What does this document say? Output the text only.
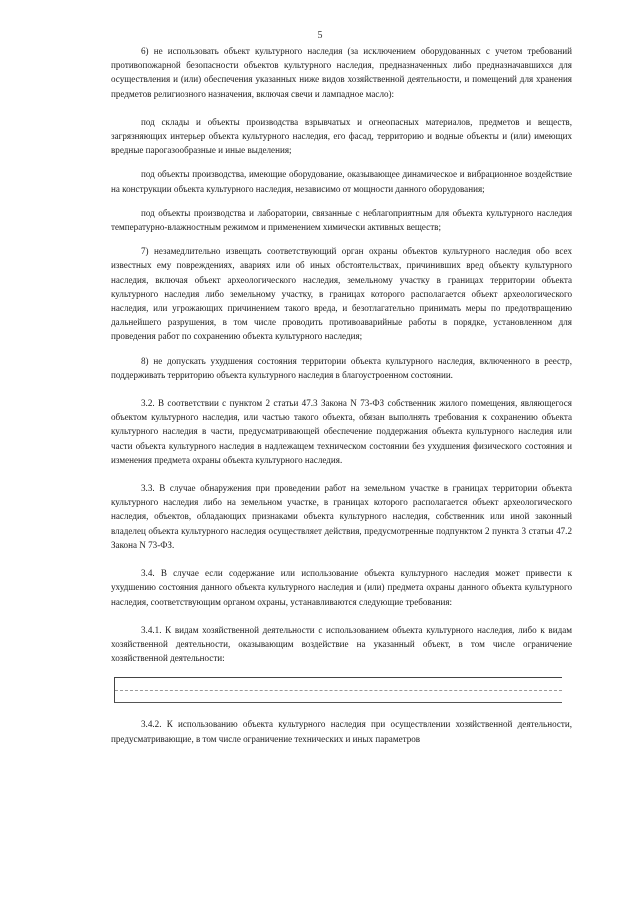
5

6) не использовать объект культурного наследия (за исключением оборудованных с учетом требований противопожарной безопасности объектов культурного наследия, предназначенных либо предназначавшихся для осуществления и (или) обеспечения указанных ниже видов хозяйственной деятельности, и помещений для хранения предметов религиозного назначения, включая свечи и лампадное масло):

под склады и объекты производства взрывчатых и огнеопасных материалов, предметов и веществ, загрязняющих интерьер объекта культурного наследия, его фасад, территорию и водные объекты и (или) имеющих вредные парогазообразные и иные выделения;

под объекты производства, имеющие оборудование, оказывающее динамическое и вибрационное воздействие на конструкции объекта культурного наследия, независимо от мощности данного оборудования;

под объекты производства и лаборатории, связанные с неблагоприятным для объекта культурного наследия температурно-влажностным режимом и применением химически активных веществ;

7) незамедлительно извещать соответствующий орган охраны объектов культурного наследия обо всех известных ему повреждениях, авариях или об иных обстоятельствах, причинивших вред объекту культурного наследия, включая объект археологического наследия, земельному участку в границах территории объекта культурного наследия либо земельному участку, в границах которого располагается объект археологического наследия, или угрожающих причинением такого вреда, и безотлагательно принимать меры по предотвращению дальнейшего разрушения, в том числе проводить противоаварийные работы в порядке, установленном для проведения работ по сохранению объекта культурного наследия;

8) не допускать ухудшения состояния территории объекта культурного наследия, включенного в реестр, поддерживать территорию объекта культурного наследия в благоустроенном состоянии.

3.2. В соответствии с пунктом 2 статьи 47.3 Закона N 73-ФЗ собственник жилого помещения, являющегося объектом культурного наследия, или частью такого объекта, обязан выполнять требования к сохранению объекта культурного наследия в части, предусматривающей обеспечение поддержания объекта культурного наследия или части объекта культурного наследия в надлежащем техническом состоянии без ухудшения физического состояния и изменения предмета охраны объекта культурного наследия.

3.3. В случае обнаружения при проведении работ на земельном участке в границах территории объекта культурного наследия либо на земельном участке, в границах которого располагается объект археологического наследия, объектов, обладающих признаками объекта культурного наследия, собственник или иной законный владелец объекта культурного наследия осуществляет действия, предусмотренные подпунктом 2 пункта 3 статьи 47.2 Закона N 73-ФЗ.

3.4. В случае если содержание или использование объекта культурного наследия может привести к ухудшению состояния данного объекта культурного наследия и (или) предмета охраны данного объекта культурного наследия, соответствующим органом охраны, устанавливаются следующие требования:

3.4.1. К видам хозяйственной деятельности с использованием объекта культурного наследия, либо к видам хозяйственной деятельности, оказывающим воздействие на указанный объект, в том числе ограничение хозяйственной деятельности:

3.4.2. К использованию объекта культурного наследия при осуществлении хозяйственной деятельности, предусматривающие, в том числе ограничение технических и иных параметров
